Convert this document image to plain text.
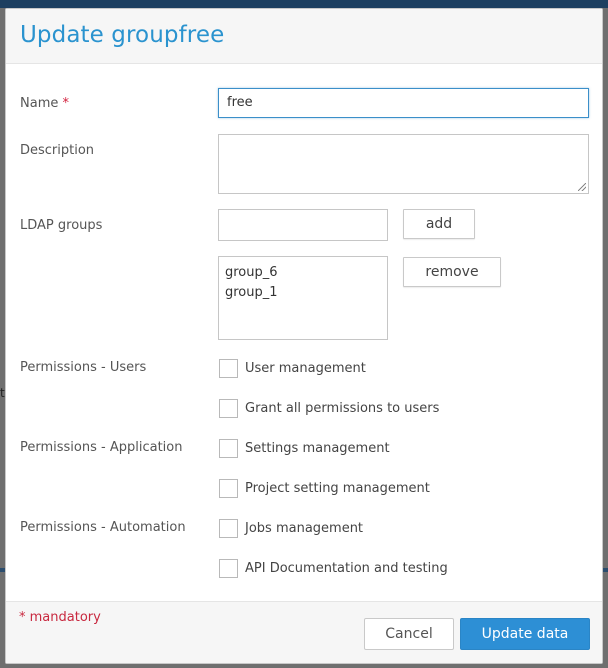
t
Update groupfree
Name *	free
Description
LDAP groups	add
group_6
group_1
remove
Permissions - Users	User management
Grant all permissions to users
Permissions - Application	Settings management
Project setting management
Permissions - Automation	Jobs management
API Documentation and testing
* mandatory
Cancel	Update data
